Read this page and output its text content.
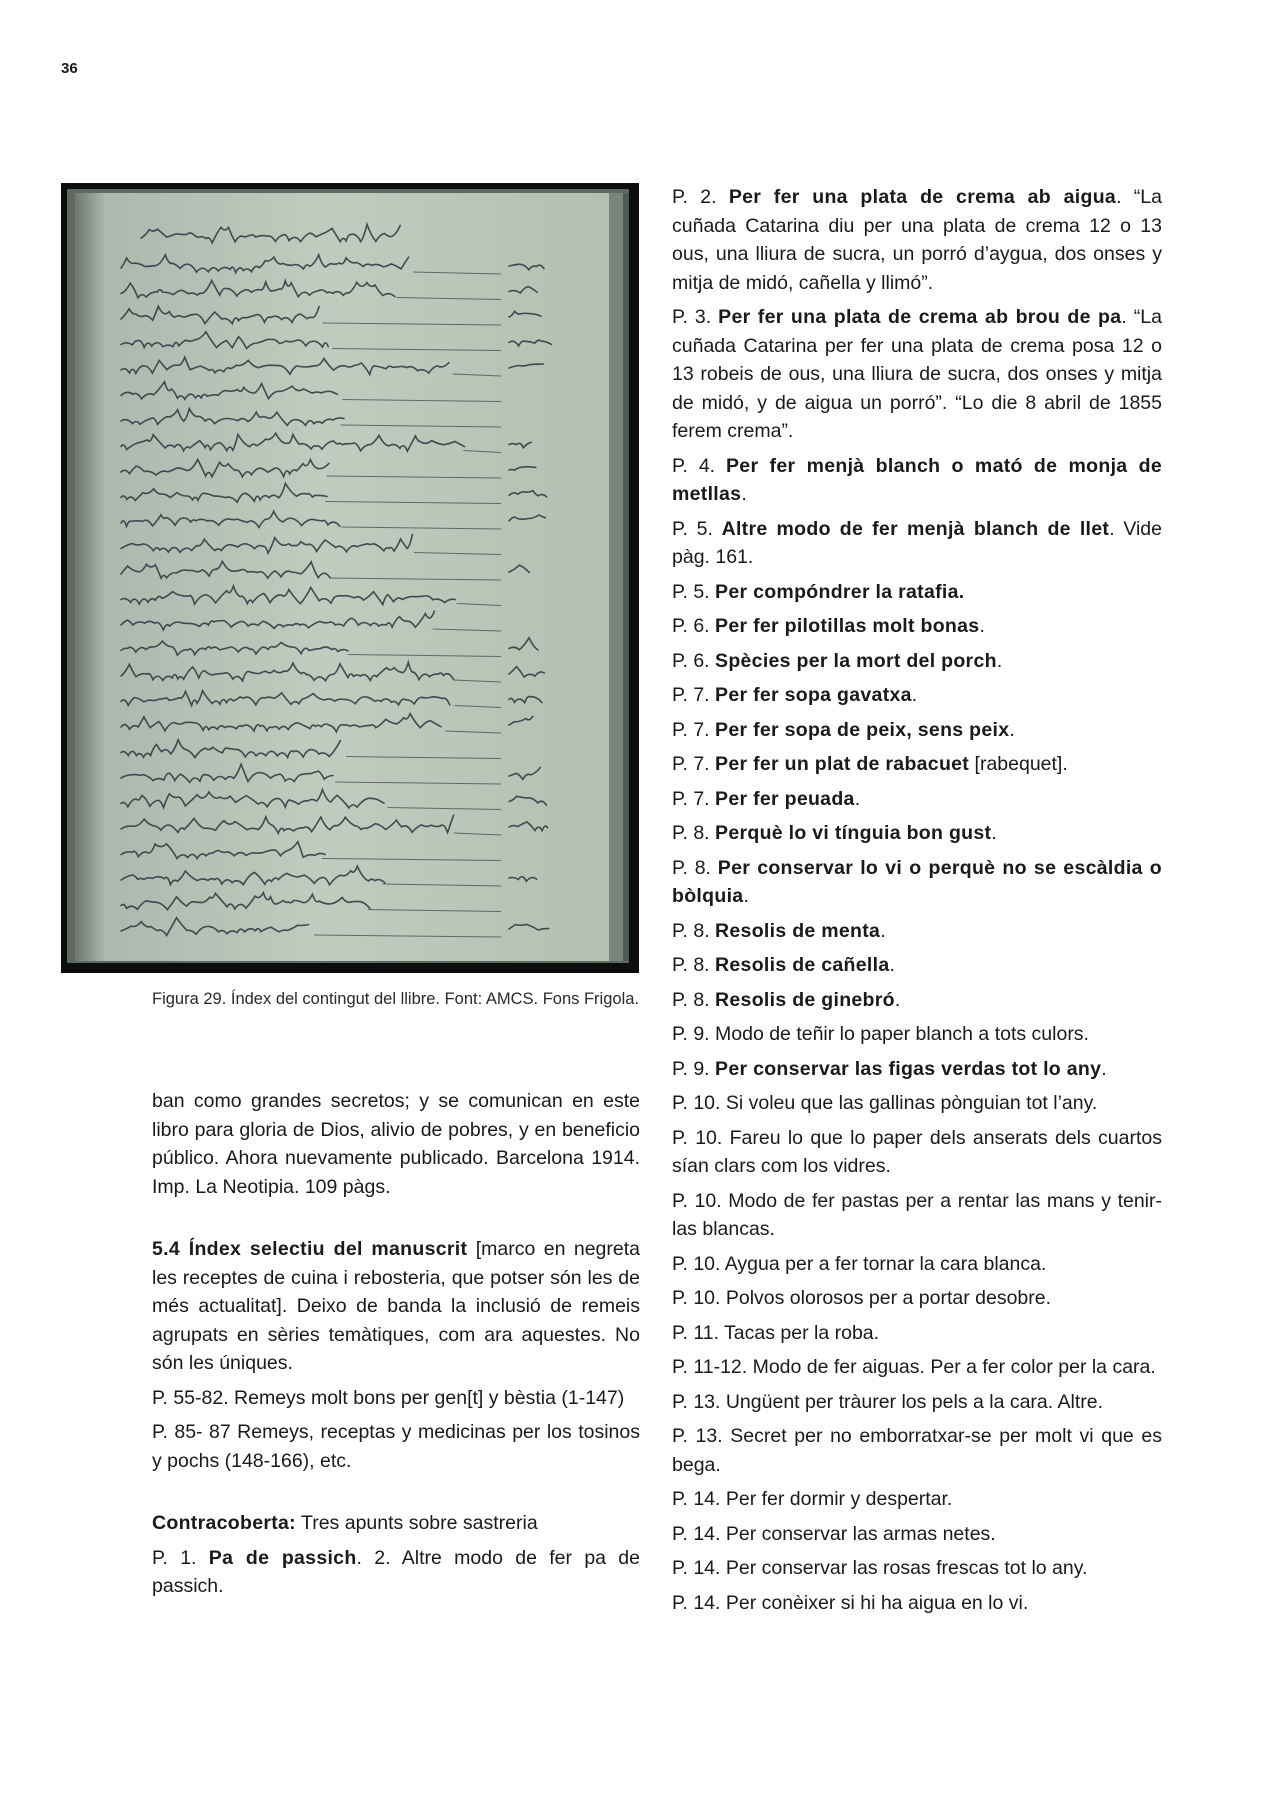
36

Figura 29. Índex del contingut del llibre. Font: AMCS. Fons Frigola.

ban como grandes secretos; y se comunican en este libro para gloria de Dios, alivio de pobres, y en beneficio público. Ahora nuevamente publicado. Barcelona 1914. Imp. La Neotipia. 109 pàgs.

5.4 Índex selectiu del manuscrit [marco en negreta les receptes de cuina i rebosteria, que potser són les de més actualitat]. Deixo de banda la inclusió de remeis agrupats en sèries temàtiques, com ara aquestes. No són les úniques.

P. 55-82. Remeys molt bons per gen[t] y bèstia (1-147)

P. 85- 87 Remeys, receptas y medicinas per los tosinos y pochs (148-166), etc.

Contracoberta: Tres apunts sobre sastreria

P. 1. Pa de passich. 2. Altre modo de fer pa de passich.

P. 2. Per fer una plata de crema ab aigua. “La cuñada Catarina diu per una plata de crema 12 o 13 ous, una lliura de sucra, un porró d’aygua, dos onses y mitja de midó, cañella y llimó”.

P. 3. Per fer una plata de crema ab brou de pa. “La cuñada Catarina per fer una plata de crema posa 12 o 13 robeis de ous, una lliura de sucra, dos onses y mitja de midó, y de aigua un porró”. “Lo die 8 abril de 1855 ferem crema”.

P. 4. Per fer menjà blanch o mató de monja de metllas.

P. 5. Altre modo de fer menjà blanch de llet. Vide pàg. 161.

P. 5. Per compóndrer la ratafia.

P. 6. Per fer pilotillas molt bonas.

P. 6. Spècies per la mort del porch.

P. 7. Per fer sopa gavatxa.

P. 7. Per fer sopa de peix, sens peix.

P. 7. Per fer un plat de rabacuet [rabequet].

P. 7. Per fer peuada.

P. 8. Perquè lo vi tínguia bon gust.

P. 8. Per conservar lo vi o perquè no se escàldia o bòlquia.

P. 8. Resolis de menta.

P. 8. Resolis de cañella.

P. 8. Resolis de ginebró.

P. 9. Modo de teñir lo paper blanch a tots culors.

P. 9. Per conservar las figas verdas tot lo any.

P. 10. Si voleu que las gallinas pònguian tot l’any.

P. 10. Fareu lo que lo paper dels anserats dels cuartos sían clars com los vidres.

P. 10. Modo de fer pastas per a rentar las mans y tenir-las blancas.

P. 10. Aygua per a fer tornar la cara blanca.

P. 10. Polvos olorosos per a portar desobre.

P. 11. Tacas per la roba.

P. 11-12. Modo de fer aiguas. Per a fer color per la cara.

P. 13. Ungüent per tràurer los pels a la cara. Altre.

P. 13. Secret per no emborratxar-se per molt vi que es bega.

P. 14. Per fer dormir y despertar.

P. 14. Per conservar las armas netes.

P. 14. Per conservar las rosas frescas tot lo any.

P. 14. Per conèixer si hi ha aigua en lo vi.
